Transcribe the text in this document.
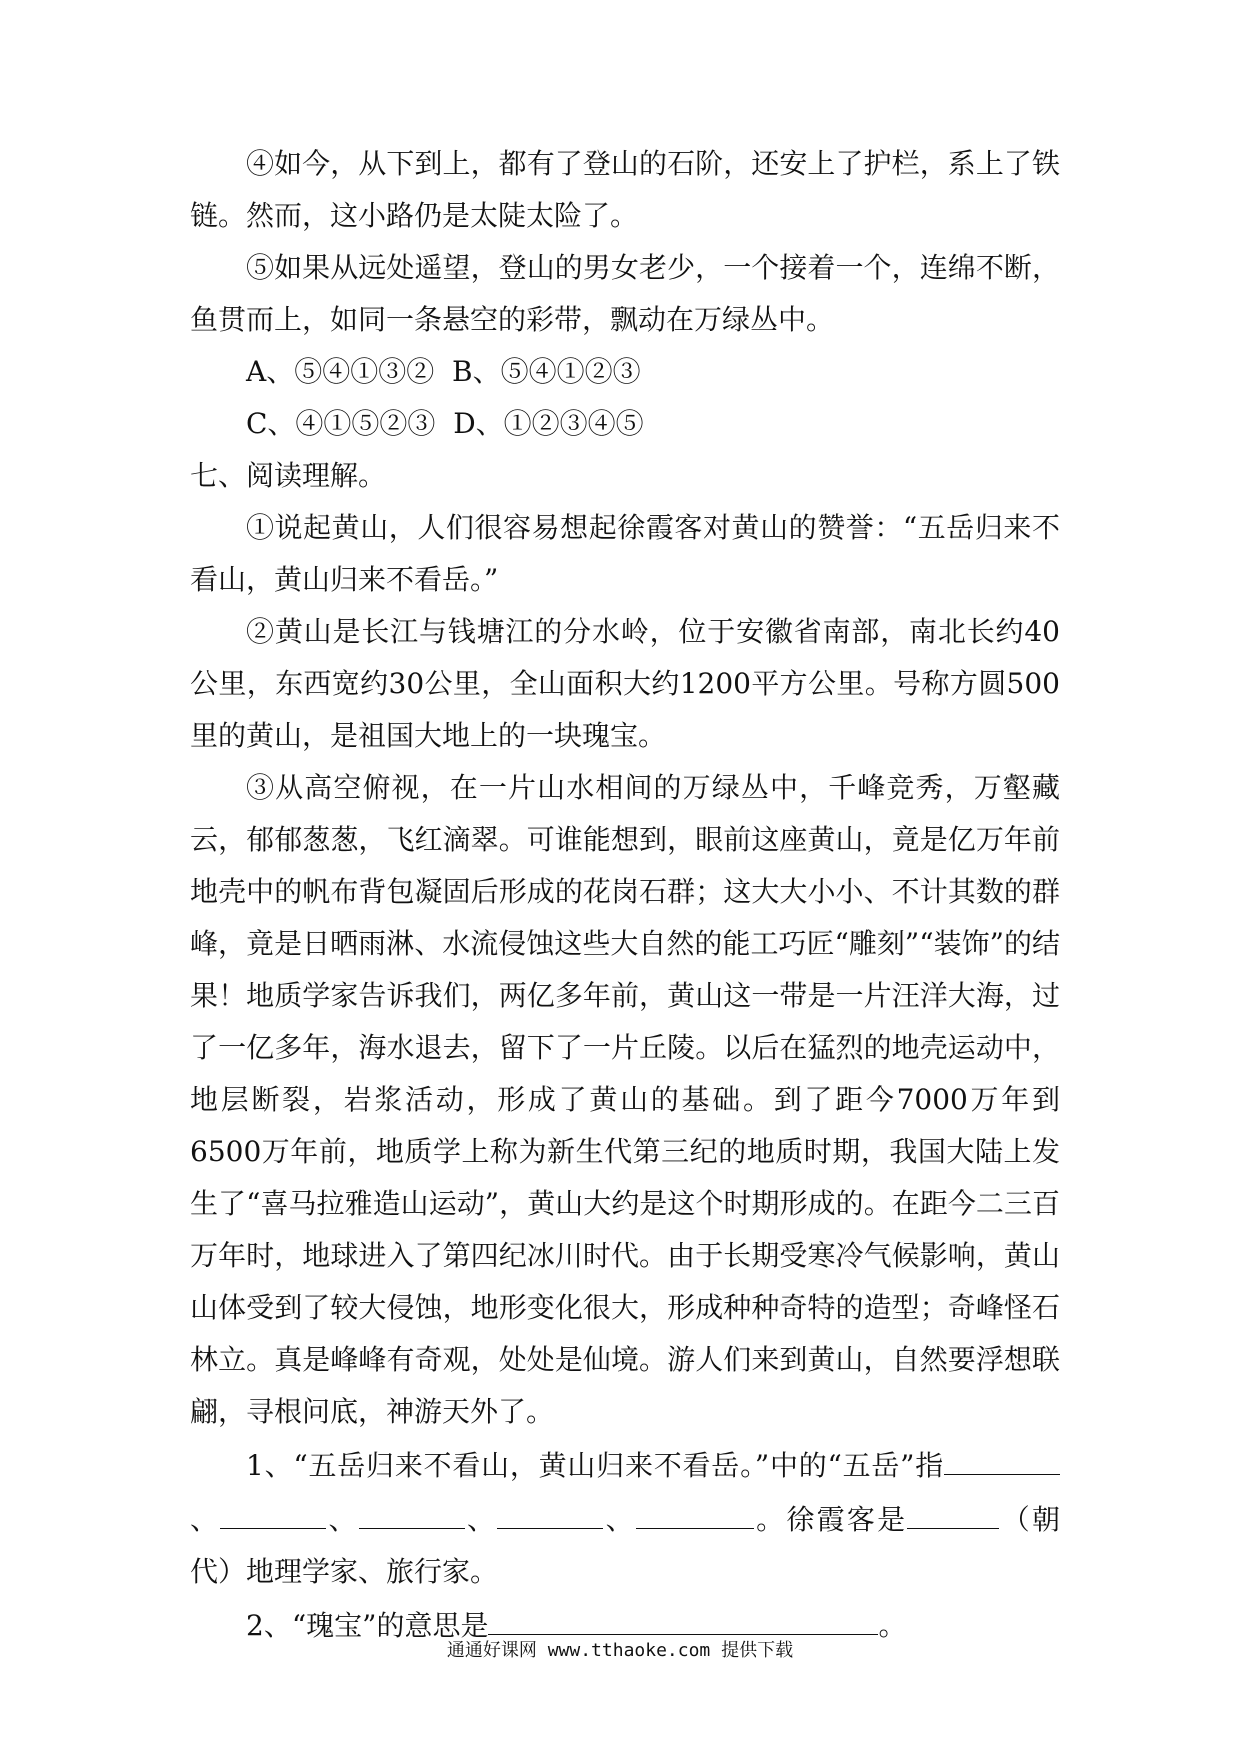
④如今，从下到上，都有了登山的石阶，还安上了护栏，系上了铁链。然而，这小路仍是太陡太险了。

⑤如果从远处遥望，登山的男女老少，一个接着一个，连绵不断，鱼贯而上，如同一条悬空的彩带，飘动在万绿丛中。

A、⑤④①③②  B、⑤④①②③

C、④①⑤②③  D、①②③④⑤

七、阅读理解。

①说起黄山，人们很容易想起徐霞客对黄山的赞誉：“五岳归来不看山，黄山归来不看岳。”

②黄山是长江与钱塘江的分水岭，位于安徽省南部，南北长约40公里，东西宽约30公里，全山面积大约1200平方公里。号称方圆500里的黄山，是祖国大地上的一块瑰宝。

③从高空俯视，在一片山水相间的万绿丛中，千峰竞秀，万壑藏云，郁郁葱葱，飞红滴翠。可谁能想到，眼前这座黄山，竟是亿万年前地壳中的帆布背包凝固后形成的花岗石群；这大大小小、不计其数的群峰，竟是日晒雨淋、水流侵蚀这些大自然的能工巧匠“雕刻”“装饰”的结果！地质学家告诉我们，两亿多年前，黄山这一带是一片汪洋大海，过了一亿多年，海水退去，留下了一片丘陵。以后在猛烈的地壳运动中，地层断裂，岩浆活动，形成了黄山的基础。到了距今7000万年到6500万年前，地质学上称为新生代第三纪的地质时期，我国大陆上发生了“喜马拉雅造山运动”，黄山大约是这个时期形成的。在距今二三百万年时，地球进入了第四纪冰川时代。由于长期受寒冷气候影响，黄山山体受到了较大侵蚀，地形变化很大，形成种种奇特的造型；奇峰怪石林立。真是峰峰有奇观，处处是仙境。游人们来到黄山，自然要浮想联翩，寻根问底，神游天外了。

1、“五岳归来不看山，黄山归来不看岳。”中的“五岳”指、	、	、	、	。徐霞客是	（朝代）地理学家、旅行家。

2、“瑰宝”的意思是	。

通通好课网 www.tthaoke.com 提供下载
